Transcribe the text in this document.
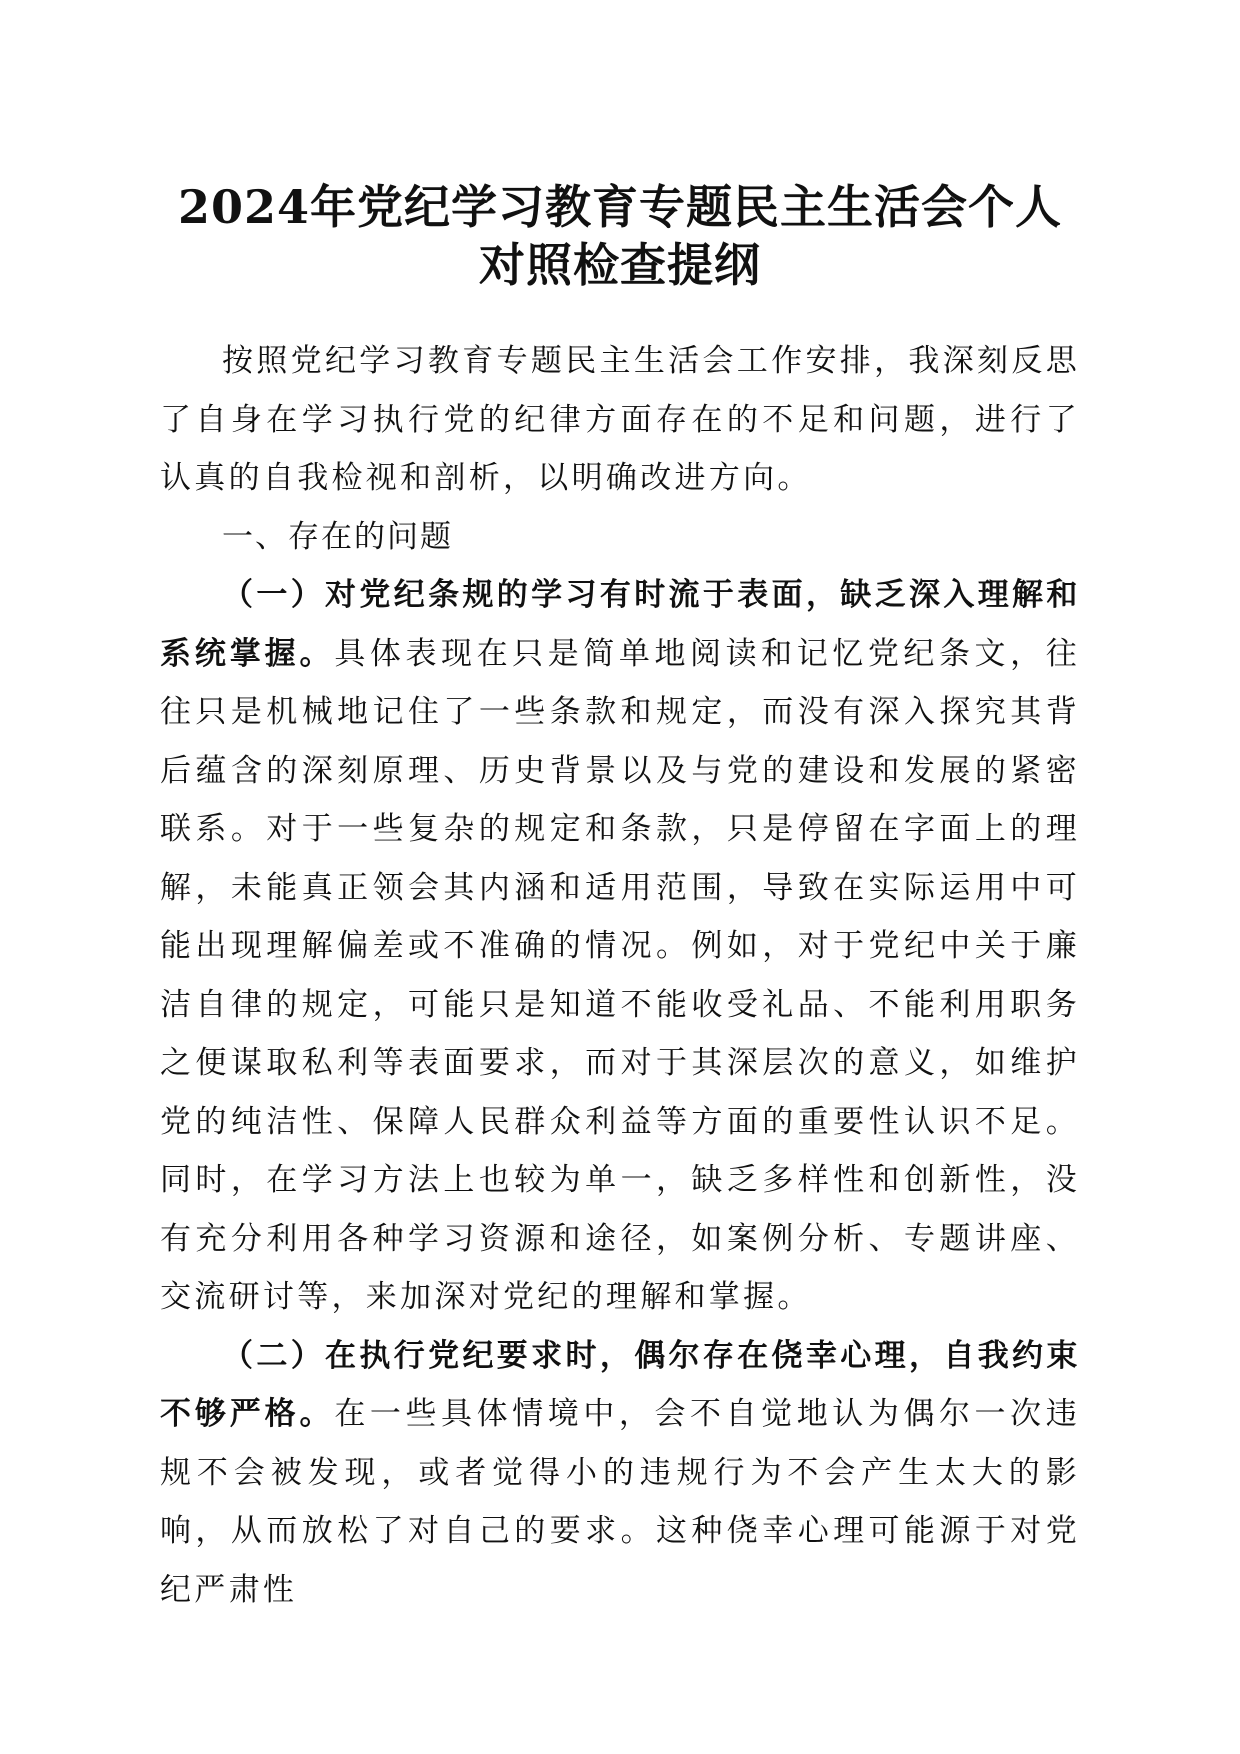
2024年党纪学习教育专题民主生活会个人
对照检查提纲

按照党纪学习教育专题民主生活会工作安排，我深刻反思了自身在学习执行党的纪律方面存在的不足和问题，进行了认真的自我检视和剖析，以明确改进方向。

一、存在的问题

（一）对党纪条规的学习有时流于表面，缺乏深入理解和系统掌握。具体表现在只是简单地阅读和记忆党纪条文，往往只是机械地记住了一些条款和规定，而没有深入探究其背后蕴含的深刻原理、历史背景以及与党的建设和发展的紧密联系。对于一些复杂的规定和条款，只是停留在字面上的理解，未能真正领会其内涵和适用范围，导致在实际运用中可能出现理解偏差或不准确的情况。例如，对于党纪中关于廉洁自律的规定，可能只是知道不能收受礼品、不能利用职务之便谋取私利等表面要求，而对于其深层次的意义，如维护党的纯洁性、保障人民群众利益等方面的重要性认识不足。同时，在学习方法上也较为单一，缺乏多样性和创新性，没有充分利用各种学习资源和途径，如案例分析、专题讲座、交流研讨等，来加深对党纪的理解和掌握。

（二）在执行党纪要求时，偶尔存在侥幸心理，自我约束不够严格。在一些具体情境中，会不自觉地认为偶尔一次违规不会被发现，或者觉得小的违规行为不会产生太大的影响，从而放松了对自己的要求。这种侥幸心理可能源于对党纪严肃性
